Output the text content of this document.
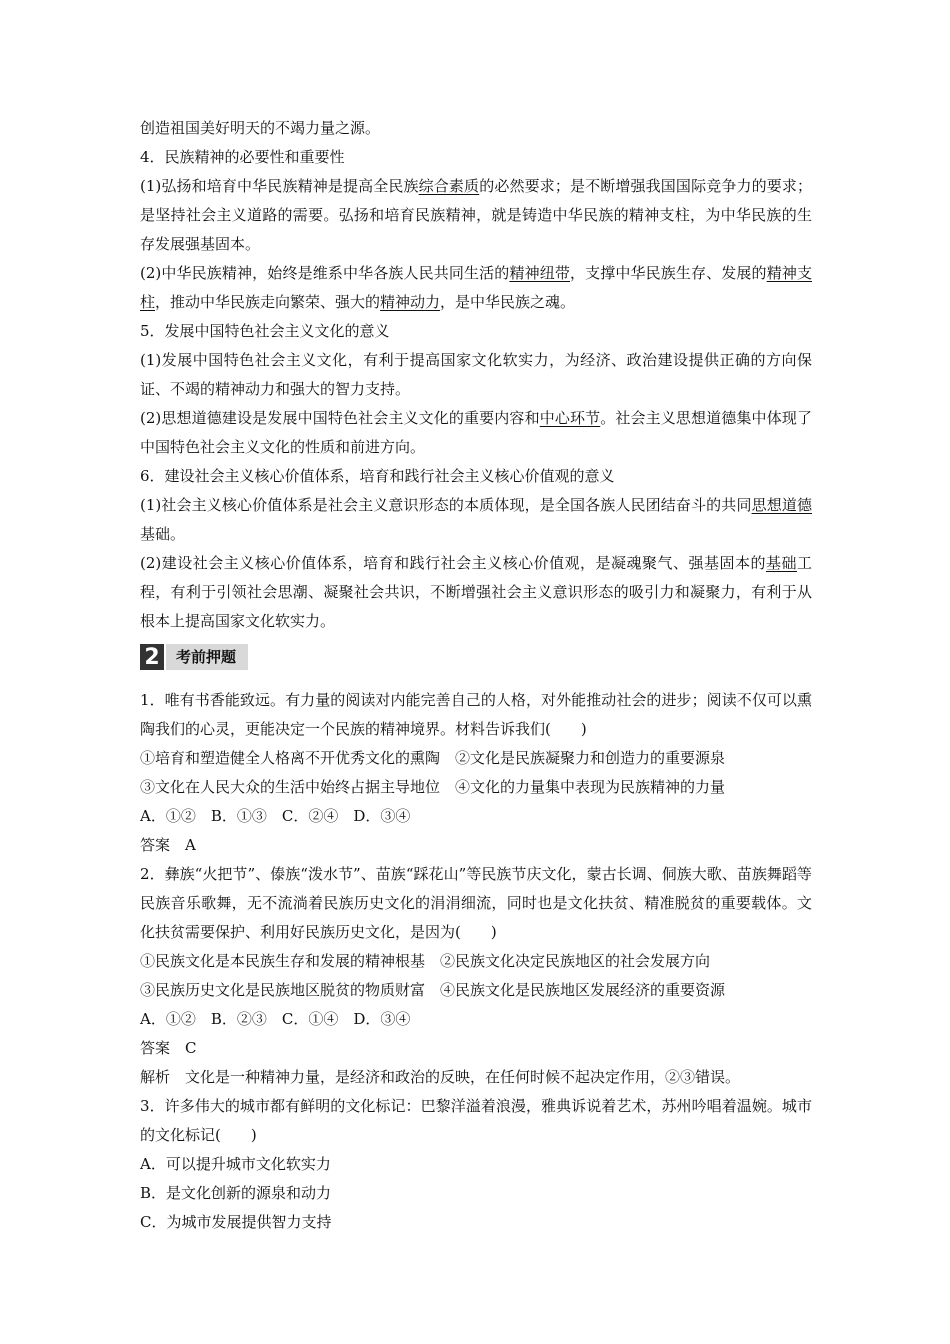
创造祖国美好明天的不竭力量之源。

4．民族精神的必要性和重要性

(1)弘扬和培育中华民族精神是提高全民族综合素质的必然要求；是不断增强我国国际竞争力的要求；是坚持社会主义道路的需要。弘扬和培育民族精神，就是铸造中华民族的精神支柱，为中华民族的生存发展强基固本。

(2)中华民族精神，始终是维系中华各族人民共同生活的精神纽带，支撑中华民族生存、发展的精神支柱，推动中华民族走向繁荣、强大的精神动力，是中华民族之魂。

5．发展中国特色社会主义文化的意义

(1)发展中国特色社会主义文化，有利于提高国家文化软实力，为经济、政治建设提供正确的方向保证、不竭的精神动力和强大的智力支持。

(2)思想道德建设是发展中国特色社会主义文化的重要内容和中心环节。社会主义思想道德集中体现了中国特色社会主义文化的性质和前进方向。

6．建设社会主义核心价值体系，培育和践行社会主义核心价值观的意义

(1)社会主义核心价值体系是社会主义意识形态的本质体现，是全国各族人民团结奋斗的共同思想道德基础。

(2)建设社会主义核心价值体系，培育和践行社会主义核心价值观，是凝魂聚气、强基固本的基础工程，有利于引领社会思潮、凝聚社会共识，不断增强社会主义意识形态的吸引力和凝聚力，有利于从根本上提高国家文化软实力。

2	考前押题

1．唯有书香能致远。有力量的阅读对内能完善自己的人格，对外能推动社会的进步；阅读不仅可以熏陶我们的心灵，更能决定一个民族的精神境界。材料告诉我们(　　)

①培育和塑造健全人格离不开优秀文化的熏陶　②文化是民族凝聚力和创造力的重要源泉

③文化在人民大众的生活中始终占据主导地位　④文化的力量集中表现为民族精神的力量

A．①②　B．①③　C．②④　D．③④

答案　A

2．彝族“火把节”、傣族“泼水节”、苗族“踩花山”等民族节庆文化，蒙古长调、侗族大歌、苗族舞蹈等民族音乐歌舞，无不流淌着民族历史文化的涓涓细流，同时也是文化扶贫、精准脱贫的重要载体。文化扶贫需要保护、利用好民族历史文化，是因为(　　)

①民族文化是本民族生存和发展的精神根基　②民族文化决定民族地区的社会发展方向

③民族历史文化是民族地区脱贫的物质财富　④民族文化是民族地区发展经济的重要资源

A．①②　B．②③　C．①④　D．③④

答案　C

解析　文化是一种精神力量，是经济和政治的反映，在任何时候不起决定作用，②③错误。

3．许多伟大的城市都有鲜明的文化标记：巴黎洋溢着浪漫，雅典诉说着艺术，苏州吟唱着温婉。城市的文化标记(　　)

A．可以提升城市文化软实力

B．是文化创新的源泉和动力

C．为城市发展提供智力支持
